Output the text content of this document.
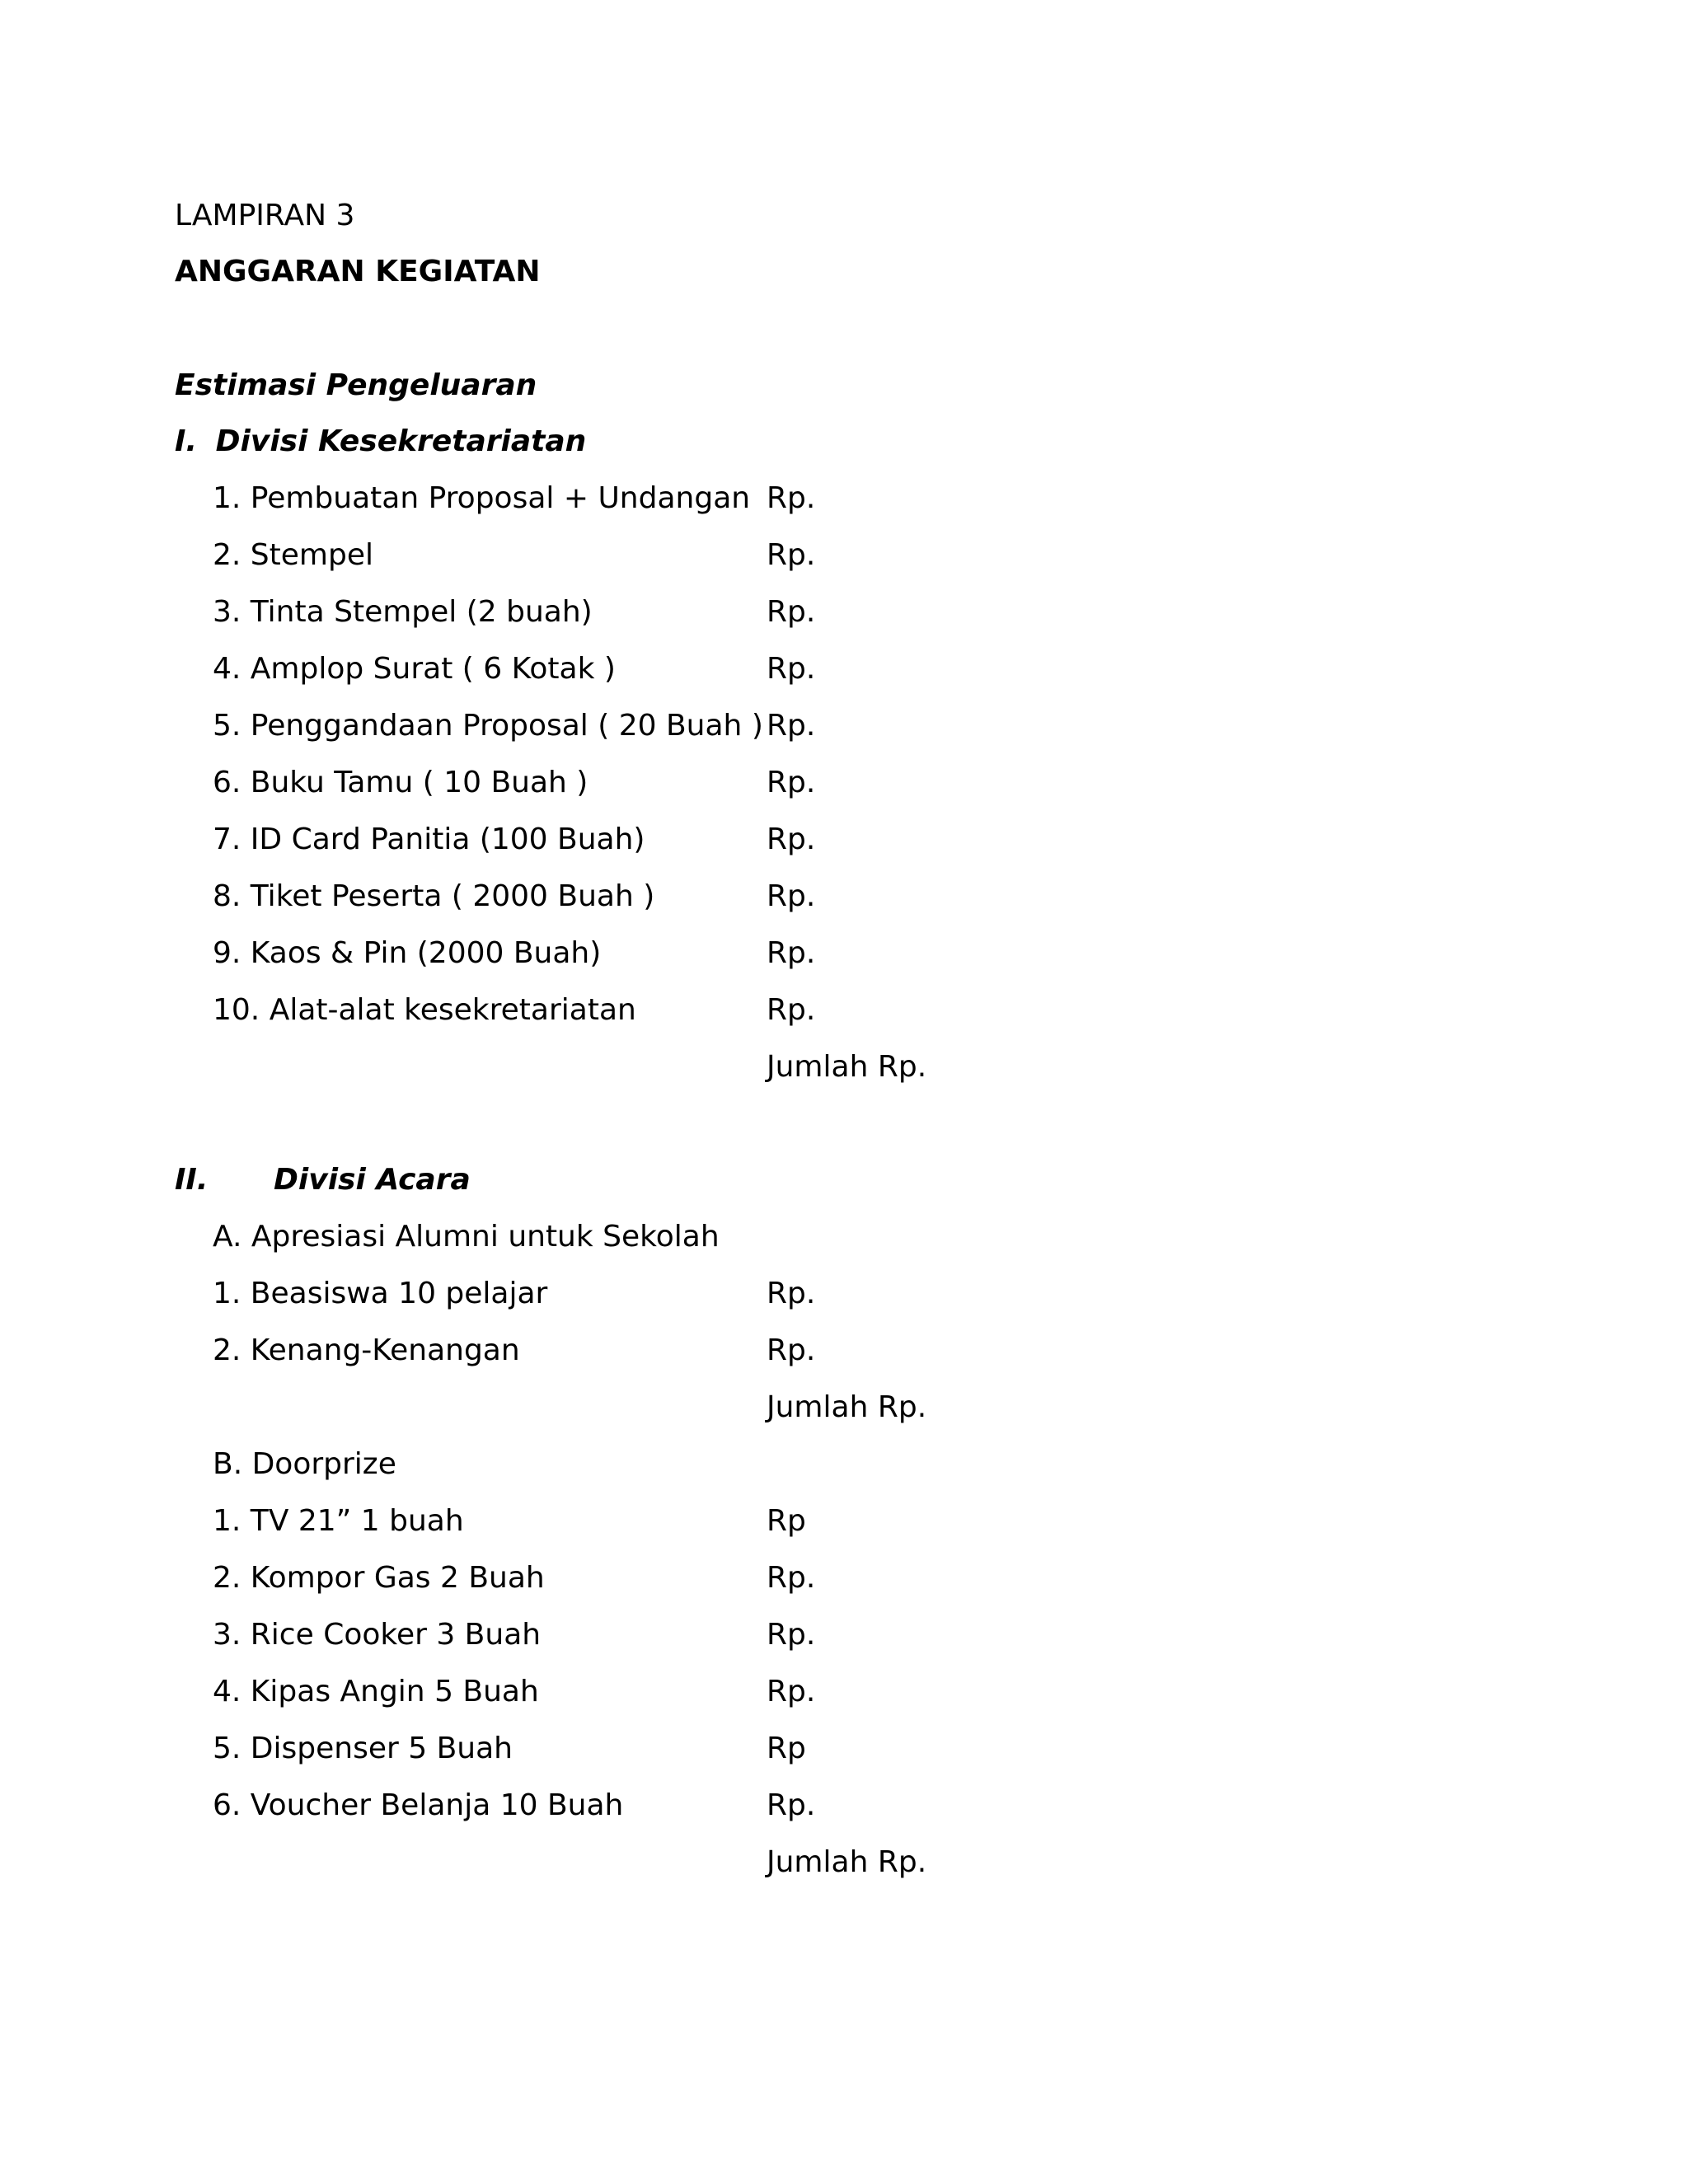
LAMPIRAN 3
ANGGARAN KEGIATAN
Estimasi Pengeluaran
I. Divisi Kesekretariatan
1. Pembuatan Proposal + Undangan Rp.
2. Stempel	Rp.
3. Tinta Stempel (2 buah)	Rp.
4. Amplop Surat ( 6 Kotak )	Rp.
5. Penggandaan Proposal ( 20 Buah ) Rp.
6. Buku Tamu ( 10 Buah )	Rp.
7. ID Card Panitia (100 Buah)	Rp.
8. Tiket Peserta ( 2000 Buah )	Rp.
9. Kaos & Pin (2000 Buah)	Rp.
10. Alat-alat kesekretariatan	Rp.
Jumlah Rp.
II. Divisi Acara
A. Apresiasi Alumni untuk Sekolah
1. Beasiswa 10 pelajar	Rp.
2. Kenang-Kenangan	Rp.
Jumlah Rp.
B. Doorprize
1. TV 21” 1 buah	Rp
2. Kompor Gas 2 Buah	Rp.
3. Rice Cooker 3 Buah	Rp.
4. Kipas Angin 5 Buah	Rp.
5. Dispenser 5 Buah	Rp
6. Voucher Belanja 10 Buah	Rp.
Jumlah Rp.
